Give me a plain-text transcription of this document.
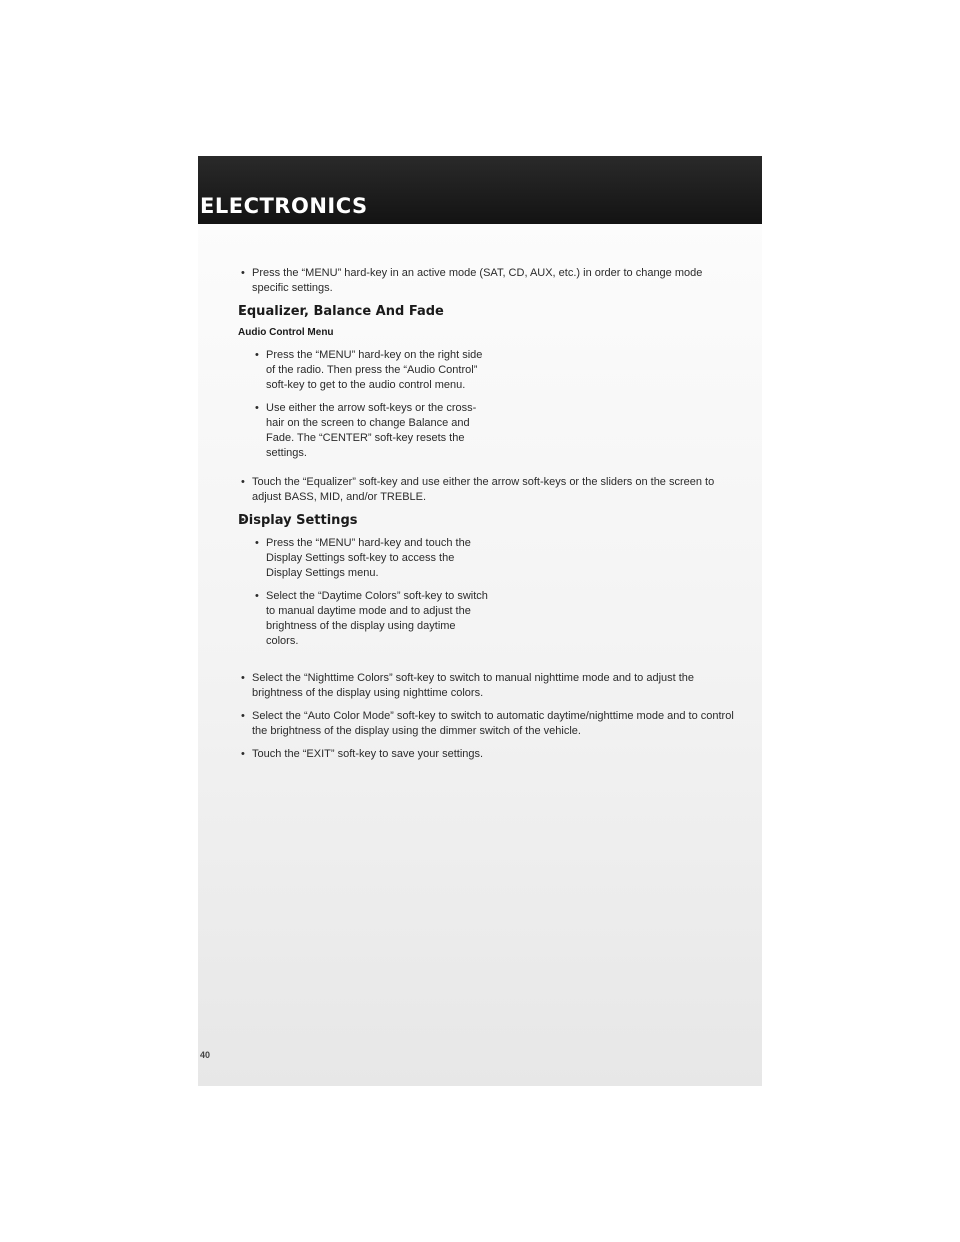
ELECTRONICS
• Press the “MENU” hard-key in an active mode (SAT, CD, AUX, etc.) in order to change mode specific settings.
• Equalizer, Balance And Fade
Audio Control Menu
• Press the “MENU” hard-key on the right side of the radio. Then press the “Audio Control” soft-key to get to the audio control menu.
• Use either the arrow soft-keys or the cross-hair on the screen to change Balance and Fade. The “CENTER” soft-key resets the settings.
• Touch the “Equalizer” soft-key and use either the arrow soft-keys or the sliders on the screen to adjust BASS, MID, and/or TREBLE.
• Display Settings
• Press the “MENU” hard-key and touch the Display Settings soft-key to access the Display Settings menu.
• Select the “Daytime Colors” soft-key to switch to manual daytime mode and to adjust the brightness of the display using daytime colors.
• Select the “Nighttime Colors” soft-key to switch to manual nighttime mode and to adjust the brightness of the display using nighttime colors.
• Select the “Auto Color Mode” soft-key to switch to automatic daytime/nighttime mode and to control the brightness of the display using the dimmer switch of the vehicle.
• Touch the “EXIT” soft-key to save your settings.
40
